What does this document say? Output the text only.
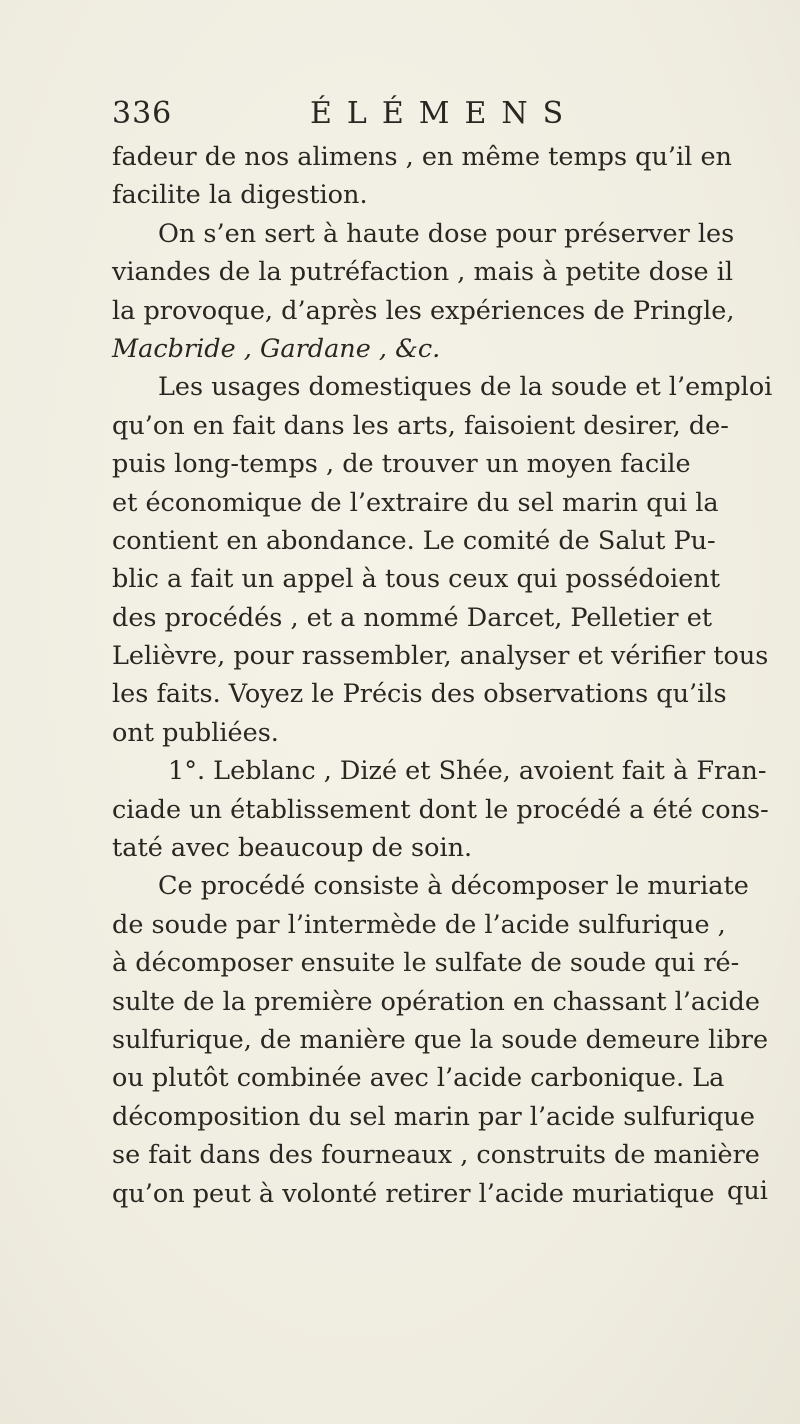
336	ÉLÉMENS
fadeur de nos alimens , en même temps qu’il en
facilite la digestion.
On s’en sert à haute dose pour préserver les
viandes de la putréfaction , mais à petite dose il
la provoque, d’après les expériences de Pringle,
Macbride , Gardane , &c.
Les usages domestiques de la soude et l’emploi
qu’on en fait dans les arts, faisoient desirer, de-
puis long-temps , de trouver un moyen facile
et économique de l’extraire du sel marin qui la
contient en abondance. Le comité de Salut Pu-
blic a fait un appel à tous ceux qui possédoient
des procédés , et a nommé Darcet, Pelletier et
Lelièvre, pour rassembler, analyser et vérifier tous
les faits. Voyez le Précis des observations qu’ils
ont publiées.
1°. Leblanc , Dizé et Shée, avoient fait à Fran-
ciade un établissement dont le procédé a été cons-
taté avec beaucoup de soin.
Ce procédé consiste à décomposer le muriate
de soude par l’intermède de l’acide sulfurique ,
à décomposer ensuite le sulfate de soude qui ré-
sulte de la première opération en chassant l’acide
sulfurique, de manière que la soude demeure libre
ou plutôt combinée avec l’acide carbonique. La
décomposition du sel marin par l’acide sulfurique
se fait dans des fourneaux , construits de manière
qu’on peut à volonté retirer l’acide muriatique qui
